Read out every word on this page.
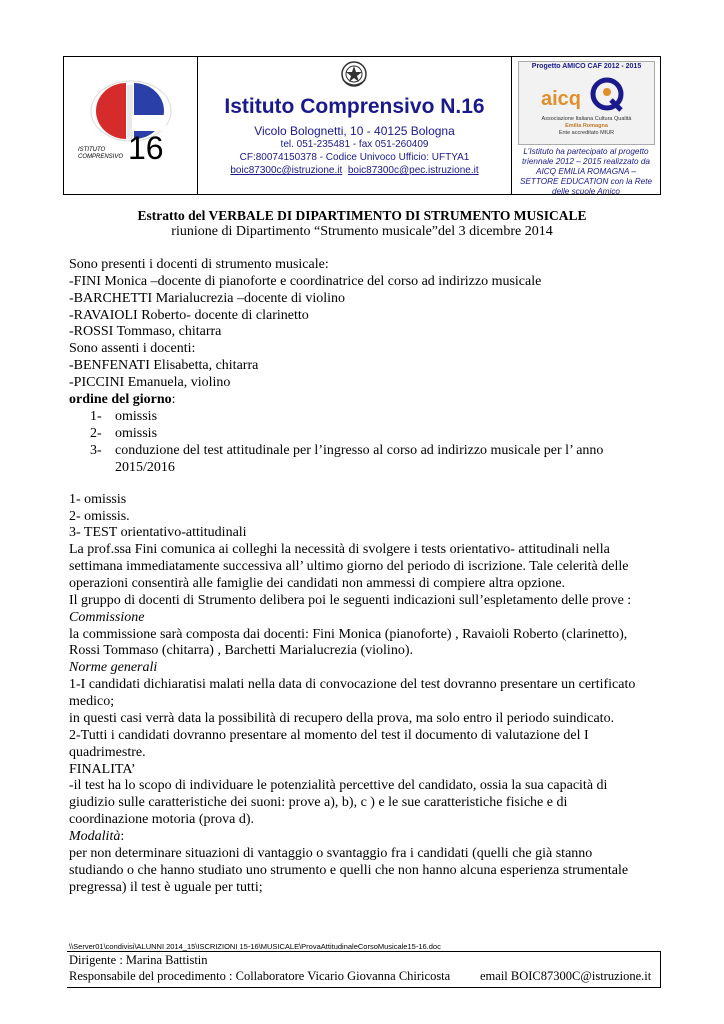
ISTITUTO
COMPRENSIVO 16
Istituto Comprensivo N.16
Vicolo Bolognetti, 10 - 40125 Bologna
tel. 051-235481 - fax 051-260409
CF:80074150378 - Codice Univoco Ufficio: UFTYA1
boic87300c@istruzione.it boic87300c@pec.istruzione.it
Progetto AMICO CAF 2012 - 2015
aicq
Associazione Italiana Cultura Qualità
Emilia Romagna
Ente accreditato MIUR
L’Istituto ha partecipato al progetto triennale 2012 – 2015 realizzato da AICQ EMILIA ROMAGNA – SETTORE EDUCATION con la Rete delle scuole Amico
Estratto del VERBALE DI DIPARTIMENTO DI STRUMENTO MUSICALE
riunione di Dipartimento “Strumento musicale”del 3 dicembre 2014
Sono presenti i docenti di strumento musicale:
-FINI Monica –docente di pianoforte e coordinatrice del corso ad indirizzo musicale
-BARCHETTI Marialucrezia –docente di violino
-RAVAIOLI Roberto- docente di clarinetto
-ROSSI Tommaso, chitarra
Sono assenti i docenti:
-BENFENATI Elisabetta, chitarra
-PICCINI Emanuela, violino
ordine del giorno:
1- omissis
2- omissis
3- conduzione del test attitudinale per l’ingresso al corso ad indirizzo musicale per l’ anno
2015/2016
1- omissis
2- omissis.
3- TEST orientativo-attitudinali
La prof.ssa Fini comunica ai colleghi la necessità di svolgere i tests orientativo- attitudinali nella
settimana immediatamente successiva all’ ultimo giorno del periodo di iscrizione. Tale celerità delle
operazioni consentirà alle famiglie dei candidati non ammessi di compiere altra opzione.
Il gruppo di docenti di Strumento delibera poi le seguenti indicazioni sull’espletamento delle prove :
Commissione
la commissione sarà composta dai docenti: Fini Monica (pianoforte) , Ravaioli Roberto (clarinetto),
Rossi Tommaso (chitarra) , Barchetti Marialucrezia (violino).
Norme generali
1-I candidati dichiaratisi malati nella data di convocazione del test dovranno presentare un certificato
medico;
in questi casi verrà data la possibilità di recupero della prova, ma solo entro il periodo suindicato.
2-Tutti i candidati dovranno presentare al momento del test il documento di valutazione del I
quadrimestre.
FINALITA’
-il test ha lo scopo di individuare le potenzialità percettive del candidato, ossia la sua capacità di
giudizio sulle caratteristiche dei suoni: prove a), b), c ) e le sue caratteristiche fisiche e di
coordinazione motoria (prova d).
Modalità:
per non determinare situazioni di vantaggio o svantaggio fra i candidati (quelli che già stanno
studiando o che hanno studiato uno strumento e quelli che non hanno alcuna esperienza strumentale
pregressa) il test è uguale per tutti;
\\Server01\condivisi\ALUNNI 2014_15\ISCRIZIONI 15-16\MUSICALE\ProvaAttitudinaleCorsoMusicale15-16.doc
Dirigente : Marina Battistin
Responsabile del procedimento : Collaboratore Vicario Giovanna Chiricosta email BOIC87300C@istruzione.it
